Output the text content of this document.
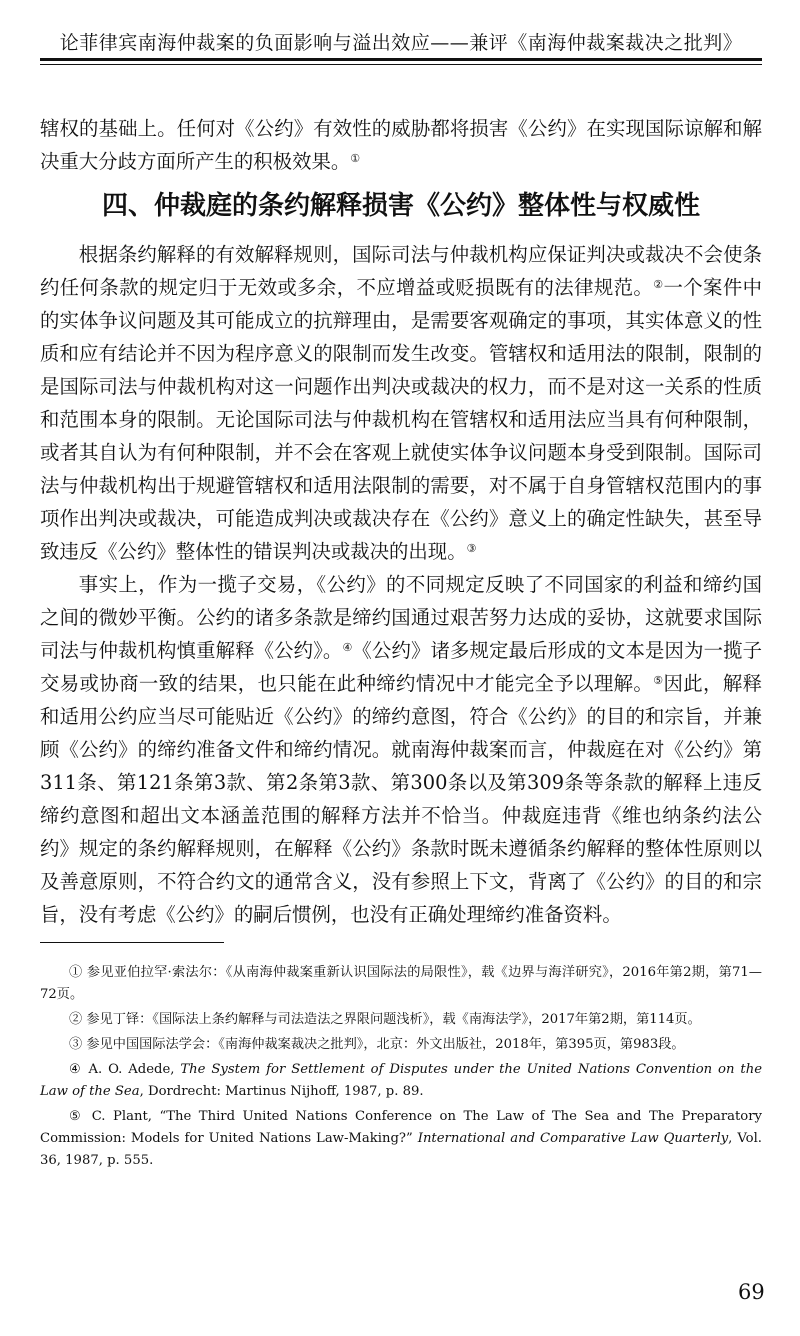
论菲律宾南海仲裁案的负面影响与溢出效应——兼评《南海仲裁案裁决之批判》

辖权的基础上。任何对《公约》有效性的威胁都将损害《公约》在实现国际谅解和解决重大分歧方面所产生的积极效果。①

四、仲裁庭的条约解释损害《公约》整体性与权威性

根据条约解释的有效解释规则，国际司法与仲裁机构应保证判决或裁决不会使条约任何条款的规定归于无效或多余，不应增益或贬损既有的法律规范。②一个案件中的实体争议问题及其可能成立的抗辩理由，是需要客观确定的事项，其实体意义的性质和应有结论并不因为程序意义的限制而发生改变。管辖权和适用法的限制，限制的是国际司法与仲裁机构对这一问题作出判决或裁决的权力，而不是对这一关系的性质和范围本身的限制。无论国际司法与仲裁机构在管辖权和适用法应当具有何种限制，或者其自认为有何种限制，并不会在客观上就使实体争议问题本身受到限制。国际司法与仲裁机构出于规避管辖权和适用法限制的需要，对不属于自身管辖权范围内的事项作出判决或裁决，可能造成判决或裁决存在《公约》意义上的确定性缺失，甚至导致违反《公约》整体性的错误判决或裁决的出现。③

事实上，作为一揽子交易，《公约》的不同规定反映了不同国家的利益和缔约国之间的微妙平衡。公约的诸多条款是缔约国通过艰苦努力达成的妥协，这就要求国际司法与仲裁机构慎重解释《公约》。④《公约》诸多规定最后形成的文本是因为一揽子交易或协商一致的结果，也只能在此种缔约情况中才能完全予以理解。⑤因此，解释和适用公约应当尽可能贴近《公约》的缔约意图，符合《公约》的目的和宗旨，并兼顾《公约》的缔约准备文件和缔约情况。就南海仲裁案而言，仲裁庭在对《公约》第311条、第121条第3款、第2条第3款、第300条以及第309条等条款的解释上违反缔约意图和超出文本涵盖范围的解释方法并不恰当。仲裁庭违背《维也纳条约法公约》规定的条约解释规则，在解释《公约》条款时既未遵循条约解释的整体性原则以及善意原则，不符合约文的通常含义，没有参照上下文，背离了《公约》的目的和宗旨，没有考虑《公约》的嗣后惯例，也没有正确处理缔约准备资料。

① 参见亚伯拉罕·索法尔：《从南海仲裁案重新认识国际法的局限性》，载《边界与海洋研究》，2016年第2期，第71—72页。

② 参见丁铎：《国际法上条约解释与司法造法之界限问题浅析》，载《南海法学》，2017年第2期，第114页。

③ 参见中国国际法学会：《南海仲裁案裁决之批判》，北京：外文出版社，2018年，第395页，第983段。

④ A. O. Adede, The System for Settlement of Disputes under the United Nations Convention on the Law of the Sea, Dordrecht: Martinus Nijhoff, 1987, p. 89.

⑤ C. Plant, “The Third United Nations Conference on The Law of The Sea and The Preparatory Commission: Models for United Nations Law-Making?” International and Comparative Law Quarterly, Vol. 36, 1987, p. 555.

69
